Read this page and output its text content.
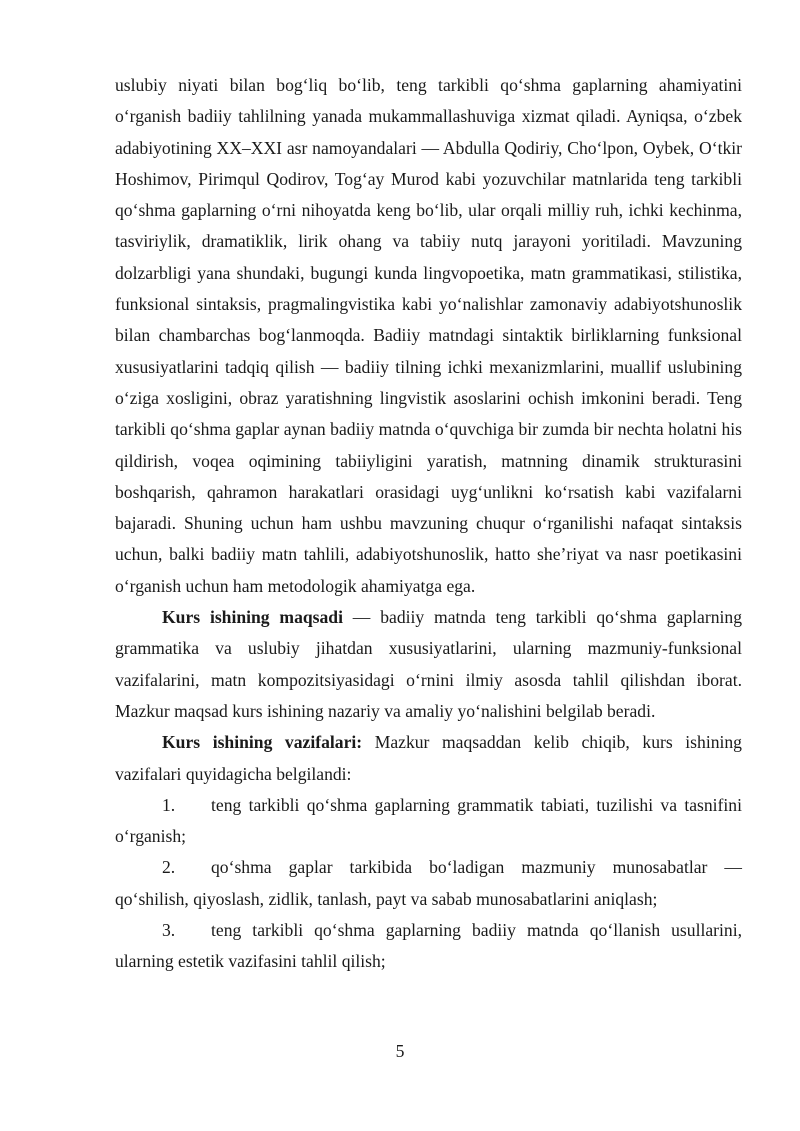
uslubiy niyati bilan bog‘liq bo‘lib, teng tarkibli qo‘shma gaplarning ahamiyatini o‘rganish badiiy tahlilning yanada mukammallashuviga xizmat qiladi. Ayniqsa, o‘zbek adabiyotining XX–XXI asr namoyandalari — Abdulla Qodiriy, Cho‘lpon, Oybek, O‘tkir Hoshimov, Pirimqul Qodirov, Tog‘ay Murod kabi yozuvchilar matnlarida teng tarkibli qo‘shma gaplarning o‘rni nihoyatda keng bo‘lib, ular orqali milliy ruh, ichki kechinma, tasviriylik, dramatiklik, lirik ohang va tabiiy nutq jarayoni yoritiladi. Mavzuning dolzarbligi yana shundaki, bugungi kunda lingvopoetika, matn grammatikasi, stilistika, funksional sintaksis, pragmalingvistika kabi yo‘nalishlar zamonaviy adabiyotshunoslik bilan chambarchas bog‘lanmoqda. Badiiy matndagi sintaktik birliklarning funksional xususiyatlarini tadqiq qilish — badiiy tilning ichki mexanizmlarini, muallif uslubining o‘ziga xosligini, obraz yaratishning lingvistik asoslarini ochish imkonini beradi. Teng tarkibli qo‘shma gaplar aynan badiiy matnda o‘quvchiga bir zumda bir nechta holatni his qildirish, voqea oqimining tabiiyligini yaratish, matnning dinamik strukturasini boshqarish, qahramon harakatlari orasidagi uyg‘unlikni ko‘rsatish kabi vazifalarni bajaradi. Shuning uchun ham ushbu mavzuning chuqur o‘rganilishi nafaqat sintaksis uchun, balki badiiy matn tahlili, adabiyotshunoslik, hatto she’riyat va nasr poetikasini o‘rganish uchun ham metodologik ahamiyatga ega.

Kurs ishining maqsadi — badiiy matnda teng tarkibli qo‘shma gaplarning grammatika va uslubiy jihatdan xususiyatlarini, ularning mazmuniy-funksional vazifalarini, matn kompozitsiyasidagi o‘rnini ilmiy asosda tahlil qilishdan iborat. Mazkur maqsad kurs ishining nazariy va amaliy yo‘nalishini belgilab beradi.

Kurs ishining vazifalari: Mazkur maqsaddan kelib chiqib, kurs ishining vazifalari quyidagicha belgilandi:

1. teng tarkibli qo‘shma gaplarning grammatik tabiati, tuzilishi va tasnifini o‘rganish;

2. qo‘shma gaplar tarkibida bo‘ladigan mazmuniy munosabatlar — qo‘shilish, qiyoslash, zidlik, tanlash, payt va sabab munosabatlarini aniqlash;

3. teng tarkibli qo‘shma gaplarning badiiy matnda qo‘llanish usullarini, ularning estetik vazifasini tahlil qilish;

5
